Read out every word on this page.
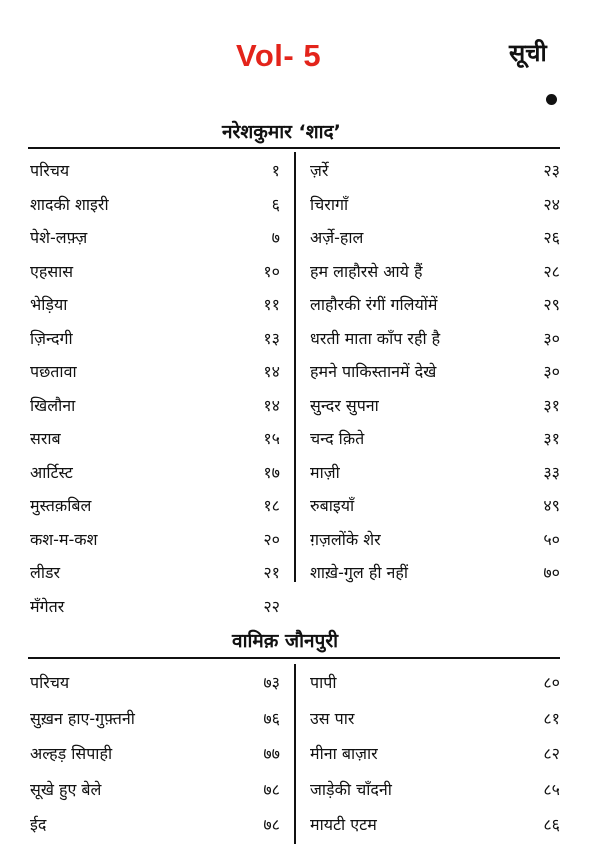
Vol- 5	सूची
नरेशकुमार ‘शाद’
परिचय	१
शादकी शाइरी	६
पेशे-लफ़्ज़	७
एहसास	१०
भेड़िया	११
ज़िन्दगी	१३
पछतावा	१४
खिलौना	१४
सराब	१५
आर्टिस्ट	१७
मुस्तक़बिल	१८
कश-म-कश	२०
लीडर	२१
मँगेतर	२२
ज़र्रे	२३
चिरागाँ	२४
अर्ज़े-हाल	२६
हम लाहौरसे आये हैं	२८
लाहौरकी रंगीं गलियोंमें	२९
धरती माता काँप रही है	३०
हमने पाकिस्तानमें देखे	३०
सुन्दर सुपना	३१
चन्द क़िते	३१
माज़ी	३३
रुबाइयाँ	४९
ग़ज़लोंके शेर	५०
शाख़े-गुल ही नहीं	७०
वामिक़ जौनपुरी
परिचय	७३
सुख़न हाए-गुफ़्तनी	७६
अल्हड़ सिपाही	७७
सूखे हुए बेले	७८
ईद	७८
पापी	८०
उस पार	८१
मीना बाज़ार	८२
जाड़ेकी चाँदनी	८५
मायटी एटम	८६
